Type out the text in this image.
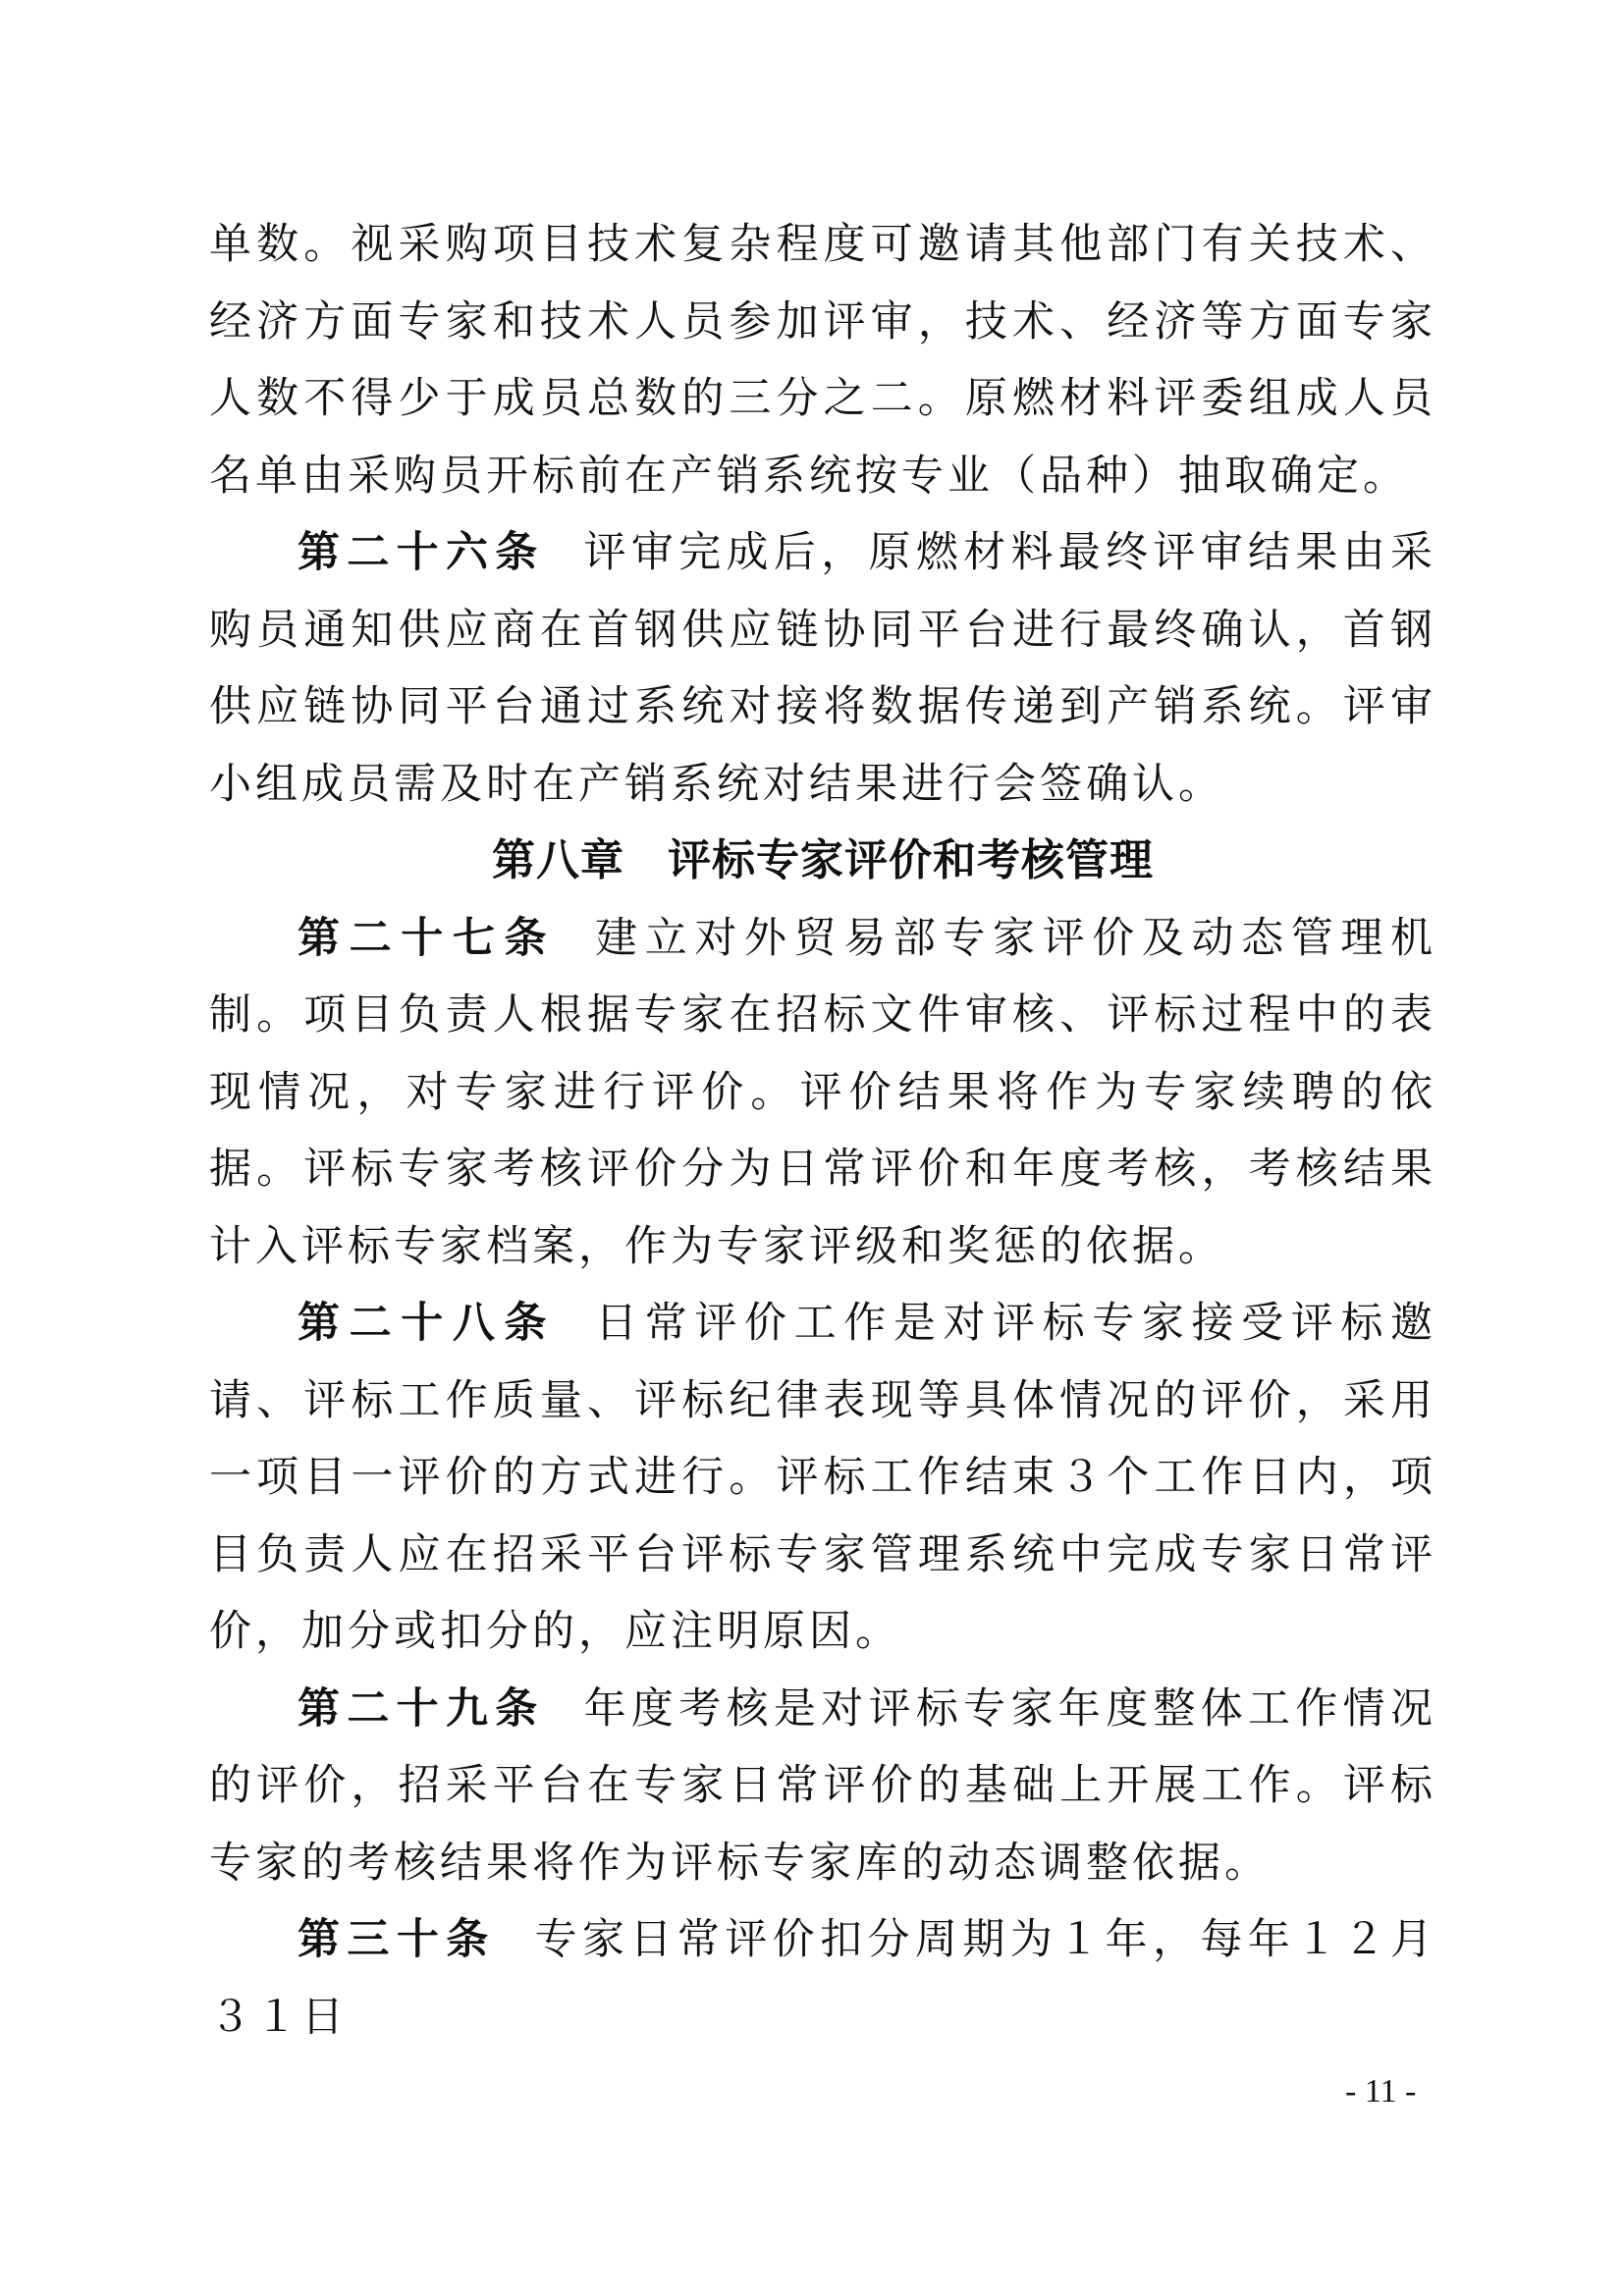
单数。视采购项目技术复杂程度可邀请其他部门有关技术、经济方面专家和技术人员参加评审，技术、经济等方面专家人数不得少于成员总数的三分之二。原燃材料评委组成人员名单由采购员开标前在产销系统按专业（品种）抽取确定。

第二十六条 评审完成后，原燃材料最终评审结果由采购员通知供应商在首钢供应链协同平台进行最终确认，首钢供应链协同平台通过系统对接将数据传递到产销系统。评审小组成员需及时在产销系统对结果进行会签确认。

第八章 评标专家评价和考核管理

第二十七条 建立对外贸易部专家评价及动态管理机制。项目负责人根据专家在招标文件审核、评标过程中的表现情况，对专家进行评价。评价结果将作为专家续聘的依据。评标专家考核评价分为日常评价和年度考核，考核结果计入评标专家档案，作为专家评级和奖惩的依据。

第二十八条 日常评价工作是对评标专家接受评标邀请、评标工作质量、评标纪律表现等具体情况的评价，采用一项目一评价的方式进行。评标工作结束３个工作日内，项目负责人应在招采平台评标专家管理系统中完成专家日常评价，加分或扣分的，应注明原因。

第二十九条 年度考核是对评标专家年度整体工作情况的评价，招采平台在专家日常评价的基础上开展工作。评标专家的考核结果将作为评标专家库的动态调整依据。

第三十条 专家日常评价扣分周期为１年，每年１２月３１日

- 11 -
